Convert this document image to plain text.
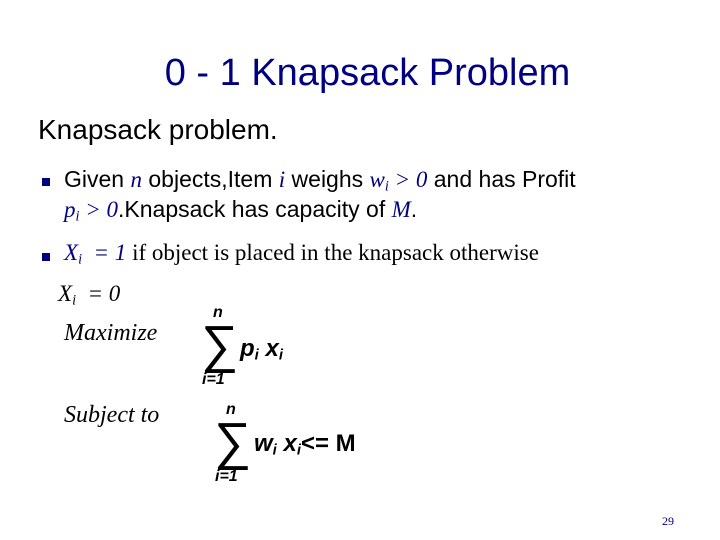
0 - 1 Knapsack Problem
Knapsack problem.
Given n objects,Item i weighs $w_i > 0$ and has Profit
$p_i$ > 0.Knapsack has capacity of M.
$X_i = 1$ if object is placed in the knapsack otherwise
$X_i = 0$
Maximize
n
∑
i=1
$p_i$ $x_i$
Subject to	n
∑
i=1
$w_i$ $x_i<= M$
29
